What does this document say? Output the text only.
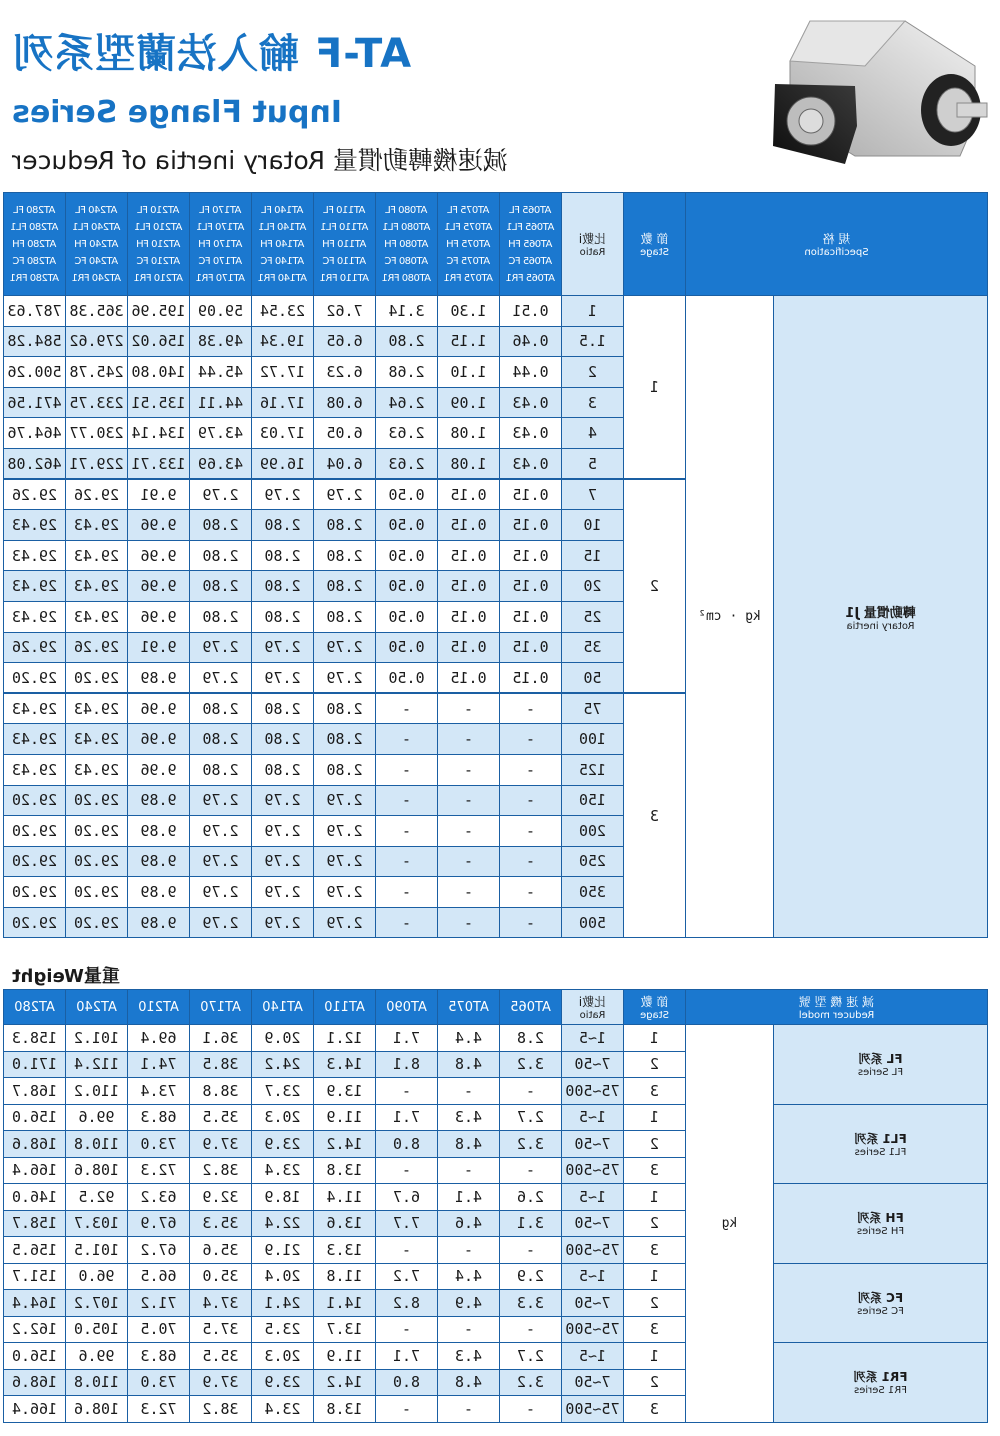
AT-F 輸入法蘭型系列
Input Flange Series
減速機轉動慣量 Rotary inertia of Reducer
規 格
Specification		節 數
Stage	比數i
Ratio	AT065 FL
AT065 FL1
AT065 FH
AT065 FC
AT065 FR1	AT075 FL
AT075 FL1
AT075 FH
AT075 FC
AT075 FR1	AT080 FL
AT080 FL1
AT080 FH
AT080 FC
AT080 FR1	AT110 FL
AT110 FL1
AT110 FH
AT110 FC
AT110 FR1	AT140 FL
AT140 FL1
AT140 FH
AT140 FC
AT140 FR1	AT170 FL
AT170 FL1
AT170 FH
AT170 FC
AT170 FR1	AT210 FL
AT210 FL1
AT210 FH
AT210 FC
AT210 FR1	AT240 FL
AT240 FL1
AT240 FH
AT240 FC
AT240 FR1	AT280 FL
AT280 FL1
AT280 FH
AT280 FC
AT280 FR1

轉動慣量 J1
Rotary inertia	kg · cm²	1	1	0.51	1.30	3.14	7.62	23.54	59.09	195.96	365.38	787.63
			1.5	0.46	1.15	2.80	6.65	19.34	49.38	156.02	279.62	584.28
			2	0.44	1.10	2.68	6.23	17.72	45.44	140.80	245.78	500.26
			3	0.43	1.09	2.64	6.08	17.16	44.11	135.51	233.75	471.56
			4	0.43	1.08	2.63	6.05	17.03	43.79	134.14	230.77	464.76
			5	0.43	1.08	2.63	6.04	16.99	43.69	133.71	229.71	462.08
		2	7	0.15	0.15	0.50	2.79	2.79	2.79	9.91	29.26	29.26
			10	0.15	0.15	0.50	2.80	2.80	2.80	9.96	29.43	29.43
			15	0.15	0.15	0.50	2.80	2.80	2.80	9.96	29.43	29.43
			20	0.15	0.15	0.50	2.80	2.80	2.80	9.96	29.43	29.43
			25	0.15	0.15	0.50	2.80	2.80	2.80	9.96	29.43	29.43
			35	0.15	0.15	0.50	2.79	2.79	2.79	9.91	29.26	29.26
			50	0.15	0.15	0.50	2.79	2.79	2.79	9.89	29.20	29.20
		3	75	-	-	-	2.80	2.80	2.80	9.96	29.43	29.43
			100	-	-	-	2.80	2.80	2.80	9.96	29.43	29.43
			125	-	-	-	2.80	2.80	2.80	9.96	29.43	29.43
			150	-	-	-	2.79	2.79	2.79	9.89	29.20	29.20
			200	-	-	-	2.79	2.79	2.79	9.89	29.20	29.20
			250	-	-	-	2.79	2.79	2.79	9.89	29.20	29.20
			350	-	-	-	2.79	2.79	2.79	9.89	29.20	29.20
			500	-	-	-	2.79	2.79	2.79	9.89	29.20	29.20
重量Weight
減 速 機 型 號
Reducer model		節 數
Stage	比數i
Ratio	AT065	AT075	AT090	AT110	AT140	AT170	AT210	AT240	AT280

FL 系列
FL Series	kg	1	1~5	2.8	4.4	7.1	12.1	20.9	36.1	69.4	101.2	158.3
		2	7~50	3.2	4.8	8.1	14.3	24.2	38.5	74.1	112.4	171.0
		3	75~500	-	-	-	13.9	23.7	38.8	73.4	110.2	168.7

FL1 系列
FL1 Series		1	1~5	2.7	4.3	7.1	11.9	20.3	35.5	68.3	99.6	156.0
		2	7~50	3.2	4.8	8.0	14.2	23.9	37.9	73.0	110.8	168.6
		3	75~500	-	-	-	13.8	23.4	38.2	72.3	108.6	166.4

FH 系列
FH Series		1	1~5	2.6	4.1	6.7	11.4	18.9	32.9	63.2	92.5	146.0
		2	7~50	3.1	4.6	7.7	13.6	22.4	35.3	67.9	103.7	158.7
		3	75~500	-	-	-	13.3	21.9	35.6	67.2	101.5	156.5

FC 系列
FC Series		1	1~5	2.9	4.4	7.2	11.8	20.4	35.0	66.5	96.0	151.7
		2	7~50	3.3	4.9	8.2	14.1	24.1	37.4	71.2	107.2	164.4
		3	75~500	-	-	-	13.7	23.5	37.5	70.5	105.0	162.2

FR1 系列
FR1 Series		1	1~5	2.7	4.3	7.1	11.9	20.3	35.5	68.3	99.6	156.0
		2	7~50	3.2	4.8	8.0	14.2	23.9	37.9	73.0	110.8	168.6
		3	75~500	-	-	-	13.8	23.4	38.2	72.3	108.6	166.4
